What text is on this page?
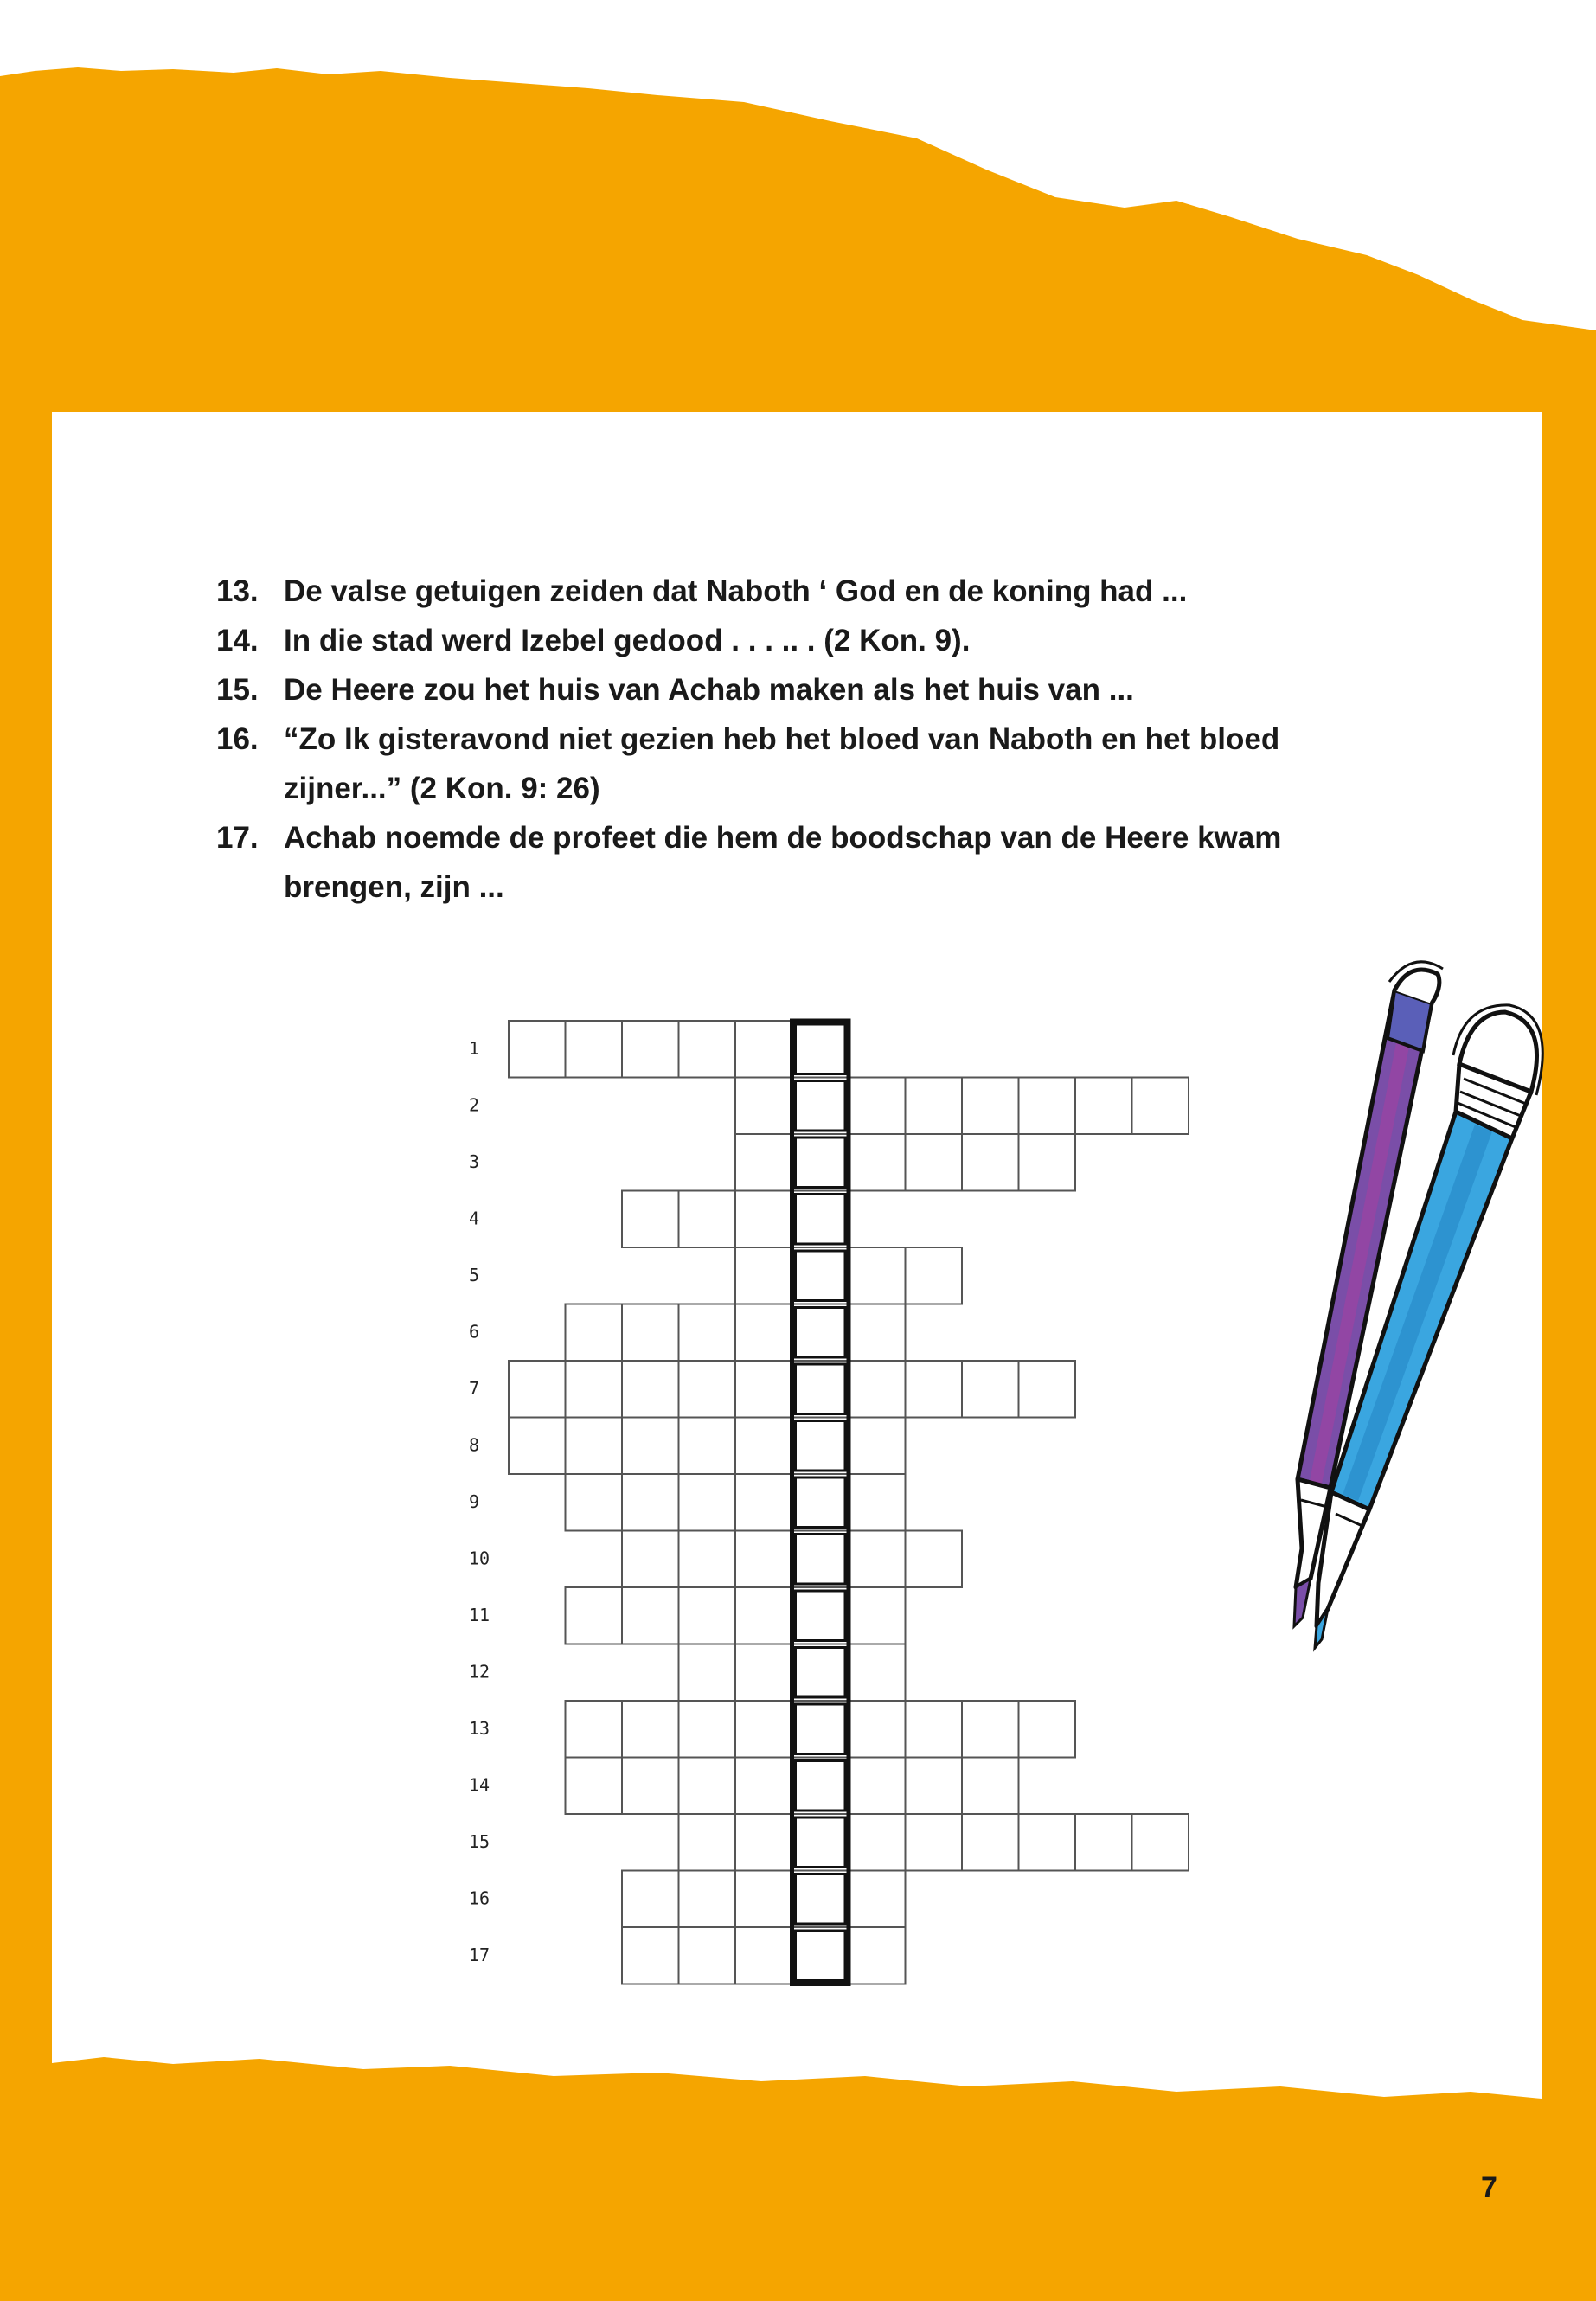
13. De valse getuigen zeiden dat Naboth ‘ God en de koning had ...
14. In die stad werd Izebel gedood . . . .. . (2 Kon. 9).
15. De Heere zou het huis van Achab maken als het huis van ...
16. “Zo Ik gisteravond niet gezien heb het bloed van Naboth en het bloed zijner...” (2 Kon. 9: 26)
17. Achab noemde de profeet die hem de boodschap van de Heere kwam brengen, zijn ...
1
2
3
4
5
6
7
8
9
10
11
12
13
14
15
16
17
7
